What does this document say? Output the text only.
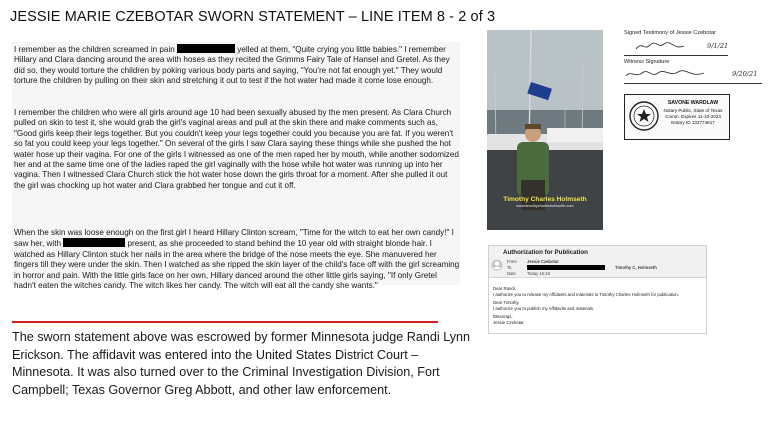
JESSIE MARIE CZEBOTAR SWORN STATEMENT – LINE ITEM 8 - 2 of 3

I remember as the children screamed in pain	yelled at them, "Quite crying you little babies." I remember Hillary and Clara dancing around the area with hoses as they recited the Grimms Fairy Tale of Hansel and Gretel. As they did so, they would torture the children by poking various body parts and saying, "You're not fat enough yet." They would torture the children by pulling on their skin and stretching it out to test if the hot water had made it come lose enough.

I remember the children who were all girls around age 10 had been sexually abused by the men present. As Clara Church pulled on skin to test it, she would grab the girl's vaginal areas and pull at the skin there and make comments such as, "Good girls keep their legs together. But you couldn't keep your legs together could you because you are fat. If you weren't so fat you could keep your legs together." On several of the girls I saw Clara saying these things while she pushed the hot water hose up their vagina. For one of the girls I witnessed as one of the men raped her by mouth, while another sodomized her and at the same time one of the ladies raped the girl vaginally with the hose while hot water was running up into her vagina. Then I witnessed Clara Church stick the hot water hose down the girls throat for a moment. After she pulled it out the girl was chocking up hot water and Clara grabbed her tongue and cut it off.

When the skin was loose enough on the first girl I heard Hillary Clinton scream, "Time for the witch to eat her own candy!" I saw her, with	present, as she proceeded to stand behind the 10 year old with straight blonde hair. I watched as Hillary Clinton stuck her nails in the area where the bridge of the nose meets the eye. She manuvered her fingers till they were under the skin. Then I watched as she ripped the skin layer of the child's face off with the girl screaming in horror and pain. With the little girls face on her own, Hillary danced around the other little girls saying, "If only Gretel hadn't eaten the witches candy. The witch likes her candy. The witch will eat all the candy she wants."

The sworn statement above was escrowed by former Minnesota judge Randi Lynn Erickson. The affidavit was entered into the United States District Court – Minnesota. It was also turned over to the Criminal Investigation Division, Fort Campbell; Texas Governor Greg Abbott, and other law enforcement.

Timothy Charles Holmseth
www.timothycharlesholmseth.com
Signed Testimony of Jessie Czebotar
9/1/21
Witness Signature
9/20/21
SAVONE WARDLAW
Notary Public, State of Texas
Comm. Expires 11-10-2024
Notary ID 132774817
Authorization for Publication
From Jessie Czebotar
To	Timothy C. Holmseth
Date	Today 16:18
Dear Randi,
I authorize you to release my Affidavits and materials to Timothy Charles Holmseth for publication.
Dear Timothy,
I authorize you to publish my Affidavits and materials.
Blessings,
Jessie Czebotar
